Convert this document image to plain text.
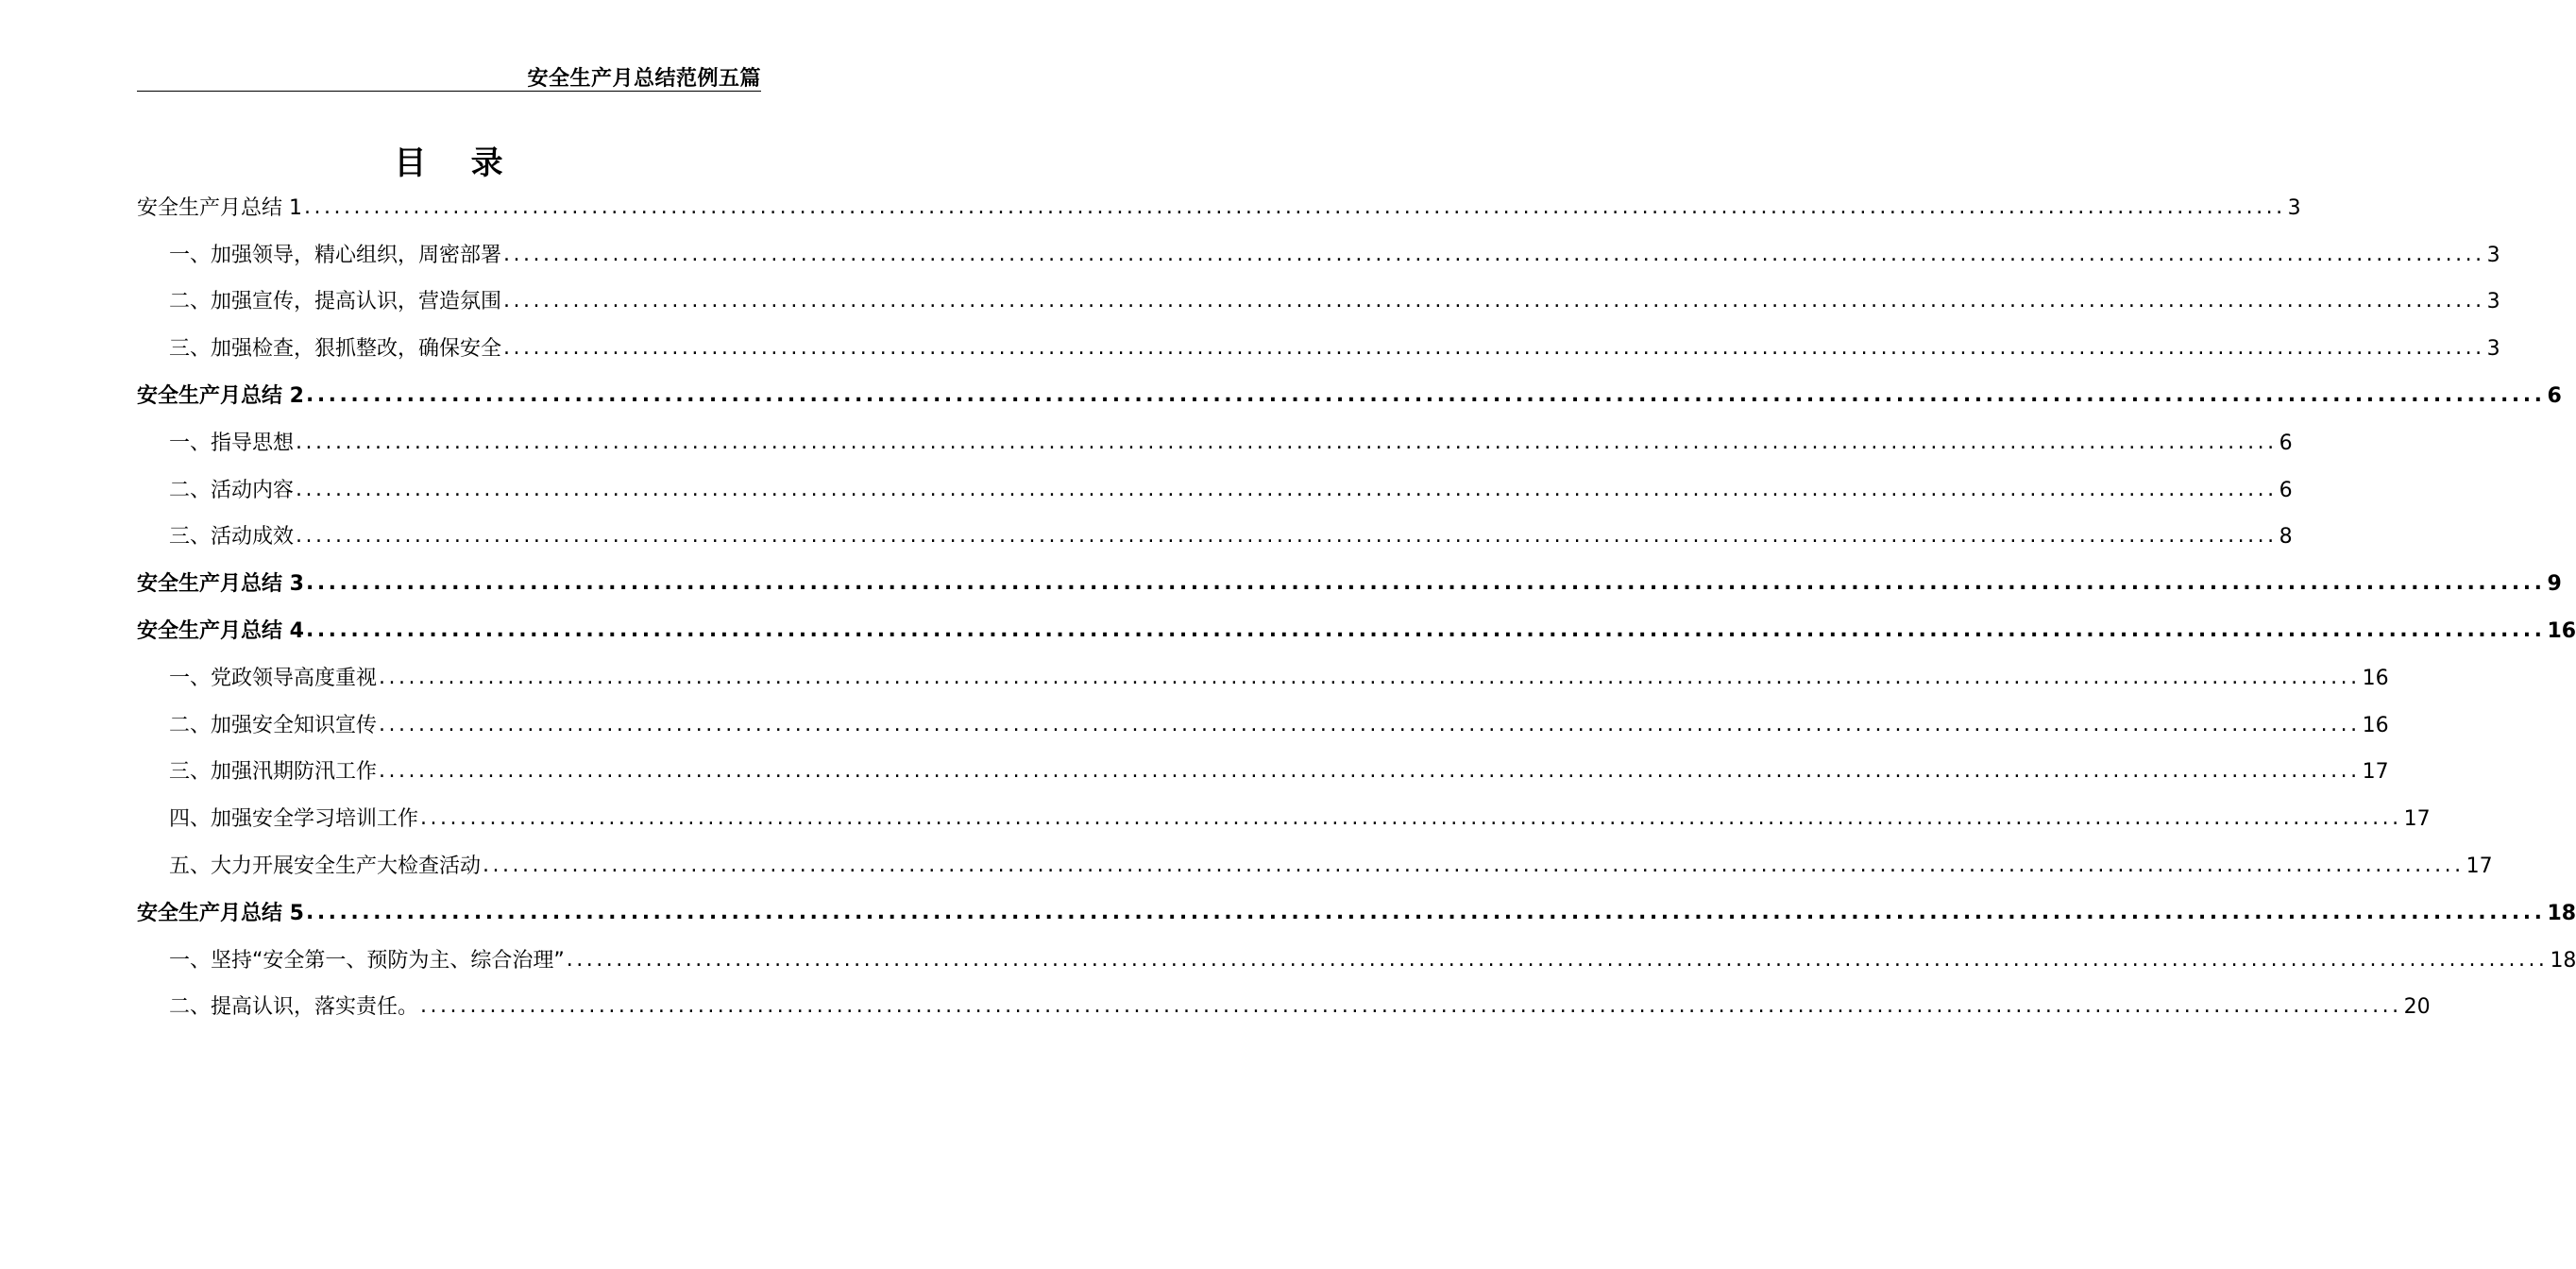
安全生产月总结范例五篇
目    录
安全生产月总结 1 ........................................................................................................................................................................................................ 3
一、加强领导，精心组织，周密部署 ........................................................................................................................................................................................................ 3
二、加强宣传，提高认识，营造氛围 ........................................................................................................................................................................................................ 3
三、加强检查，狠抓整改，确保安全 ........................................................................................................................................................................................................ 3
安全生产月总结 2 ........................................................................................................................................................................................................ 6
一、指导思想 ........................................................................................................................................................................................................ 6
二、活动内容 ........................................................................................................................................................................................................ 6
三、活动成效 ........................................................................................................................................................................................................ 8
安全生产月总结 3 ........................................................................................................................................................................................................ 9
安全生产月总结 4 ........................................................................................................................................................................................................ 16
一、党政领导高度重视 ........................................................................................................................................................................................................ 16
二、加强安全知识宣传 ........................................................................................................................................................................................................ 16
三、加强汛期防汛工作 ........................................................................................................................................................................................................ 17
四、加强安全学习培训工作 ........................................................................................................................................................................................................ 17
五、大力开展安全生产大检查活动 ........................................................................................................................................................................................................ 17
安全生产月总结 5 ........................................................................................................................................................................................................ 18
一、坚持“安全第一、预防为主、综合治理” ........................................................................................................................................................................................................ 18
二、提高认识，落实责任。 ........................................................................................................................................................................................................ 20
